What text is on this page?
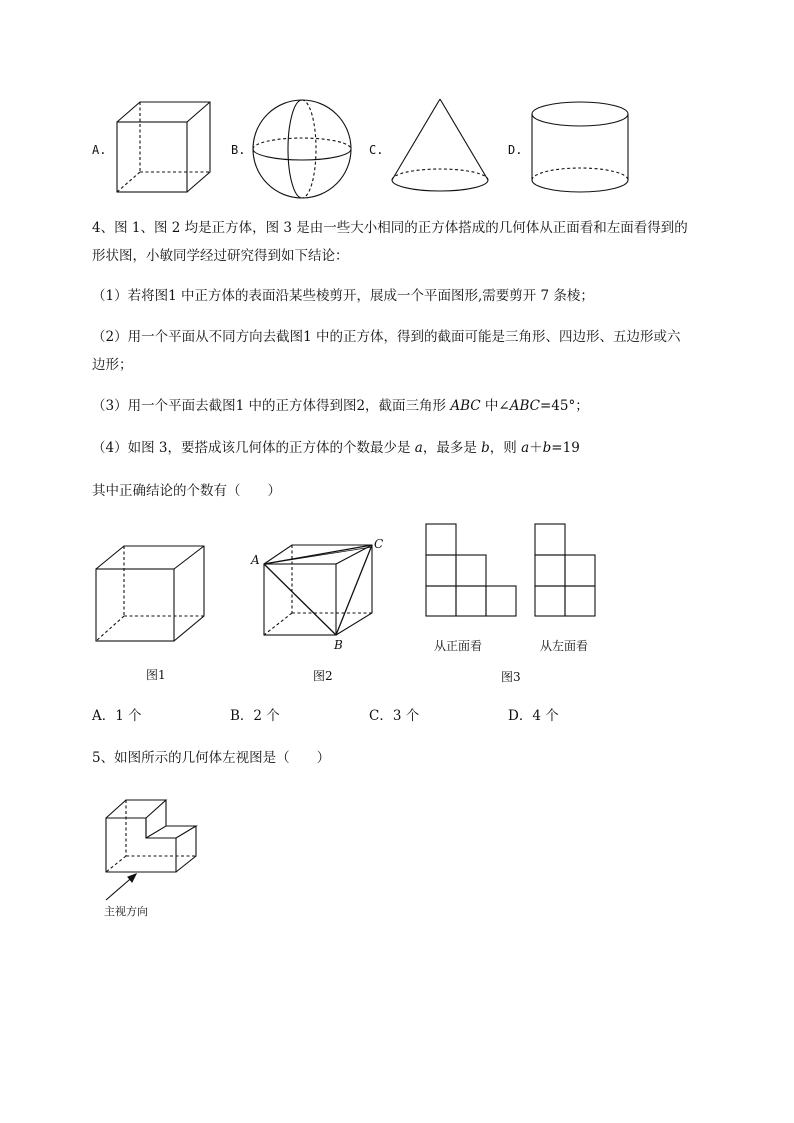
A.	B.	C.	D.
4、图 1、图 2 均是正方体，图 3 是由一些大小相同的正方体搭成的几何体从正面看和左面看得到的
形状图，小敏同学经过研究得到如下结论：
（1）若将图1 中正方体的表面沿某些棱剪开，展成一个平面图形,需要剪开 7 条棱；
（2）用一个平面从不同方向去截图1 中的正方体，得到的截面可能是三角形、四边形、五边形或六
边形；
（3）用一个平面去截图1 中的正方体得到图2，截面三角形 ABC 中∠ABC=45°；
（4）如图 3，要搭成该几何体的正方体的个数最少是 a，最多是 b，则 a＋b=19
其中正确结论的个数有（　　）
图1
A
B
C
图2
从正面看	从左面看
图3
A．1 个	B．2 个	C．3 个	D．4 个
5、如图所示的几何体左视图是（　　）
主视方向
